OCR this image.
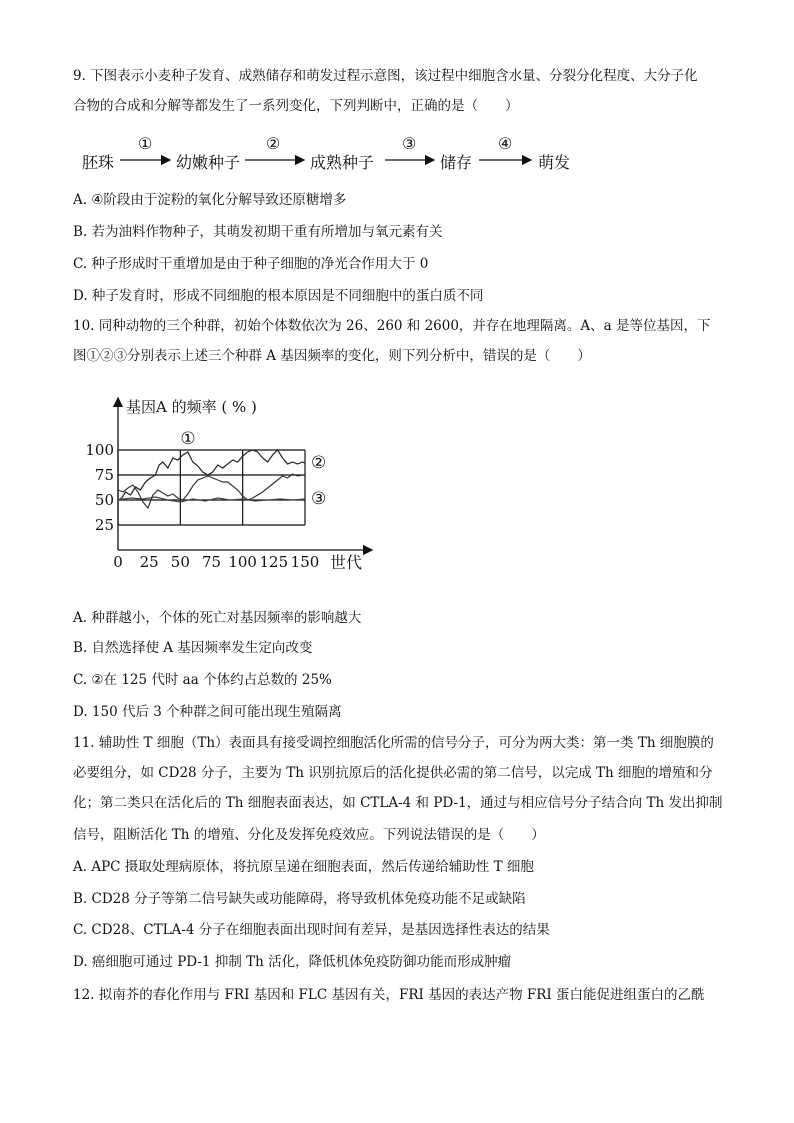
9. 下图表示小麦种子发育、成熟储存和萌发过程示意图，该过程中细胞含水量、分裂分化程度、大分子化
合物的合成和分解等都发生了一系列变化，下列判断中，正确的是（　　）
胚珠
①
幼嫩种子
②
成熟种子
③
储存
④
萌发
A. ④阶段由于淀粉的氧化分解导致还原糖增多
B. 若为油料作物种子，其萌发初期干重有所增加与氧元素有关
C. 种子形成时干重增加是由于种子细胞的净光合作用大于 0
D. 种子发育时，形成不同细胞的根本原因是不同细胞中的蛋白质不同
10. 同种动物的三个种群，初始个体数依次为 26、260 和 2600，并存在地理隔离。A、a 是等位基因，下
图①②③分别表示上述三个种群 A 基因频率的变化，则下列分析中，错误的是（　　）
基因A 的频率 ( % )
世代
100
75
50
25
0 25 50 75 100 125 150
①
②
③
A. 种群越小，个体的死亡对基因频率的影响越大
B. 自然选择使 A 基因频率发生定向改变
C. ②在 125 代时 aa 个体约占总数的 25%
D. 150 代后 3 个种群之间可能出现生殖隔离
11. 辅助性 T 细胞（Th）表面具有接受调控细胞活化所需的信号分子，可分为两大类：第一类 Th 细胞膜的
必要组分，如 CD28 分子，主要为 Th 识别抗原后的活化提供必需的第二信号，以完成 Th 细胞的增殖和分
化；第二类只在活化后的 Th 细胞表面表达，如 CTLA-4 和 PD-1，通过与相应信号分子结合向 Th 发出抑制
信号，阻断活化 Th 的增殖、分化及发挥免疫效应。下列说法错误的是（　　）
A. APC 摄取处理病原体，将抗原呈递在细胞表面，然后传递给辅助性 T 细胞
B. CD28 分子等第二信号缺失或功能障碍，将导致机体免疫功能不足或缺陷
C. CD28、CTLA-4 分子在细胞表面出现时间有差异，是基因选择性表达的结果
D. 癌细胞可通过 PD-1 抑制 Th 活化，降低机体免疫防御功能而形成肿瘤
12. 拟南芥的春化作用与 FRI 基因和 FLC 基因有关，FRI 基因的表达产物 FRI 蛋白能促进组蛋白的乙酰
